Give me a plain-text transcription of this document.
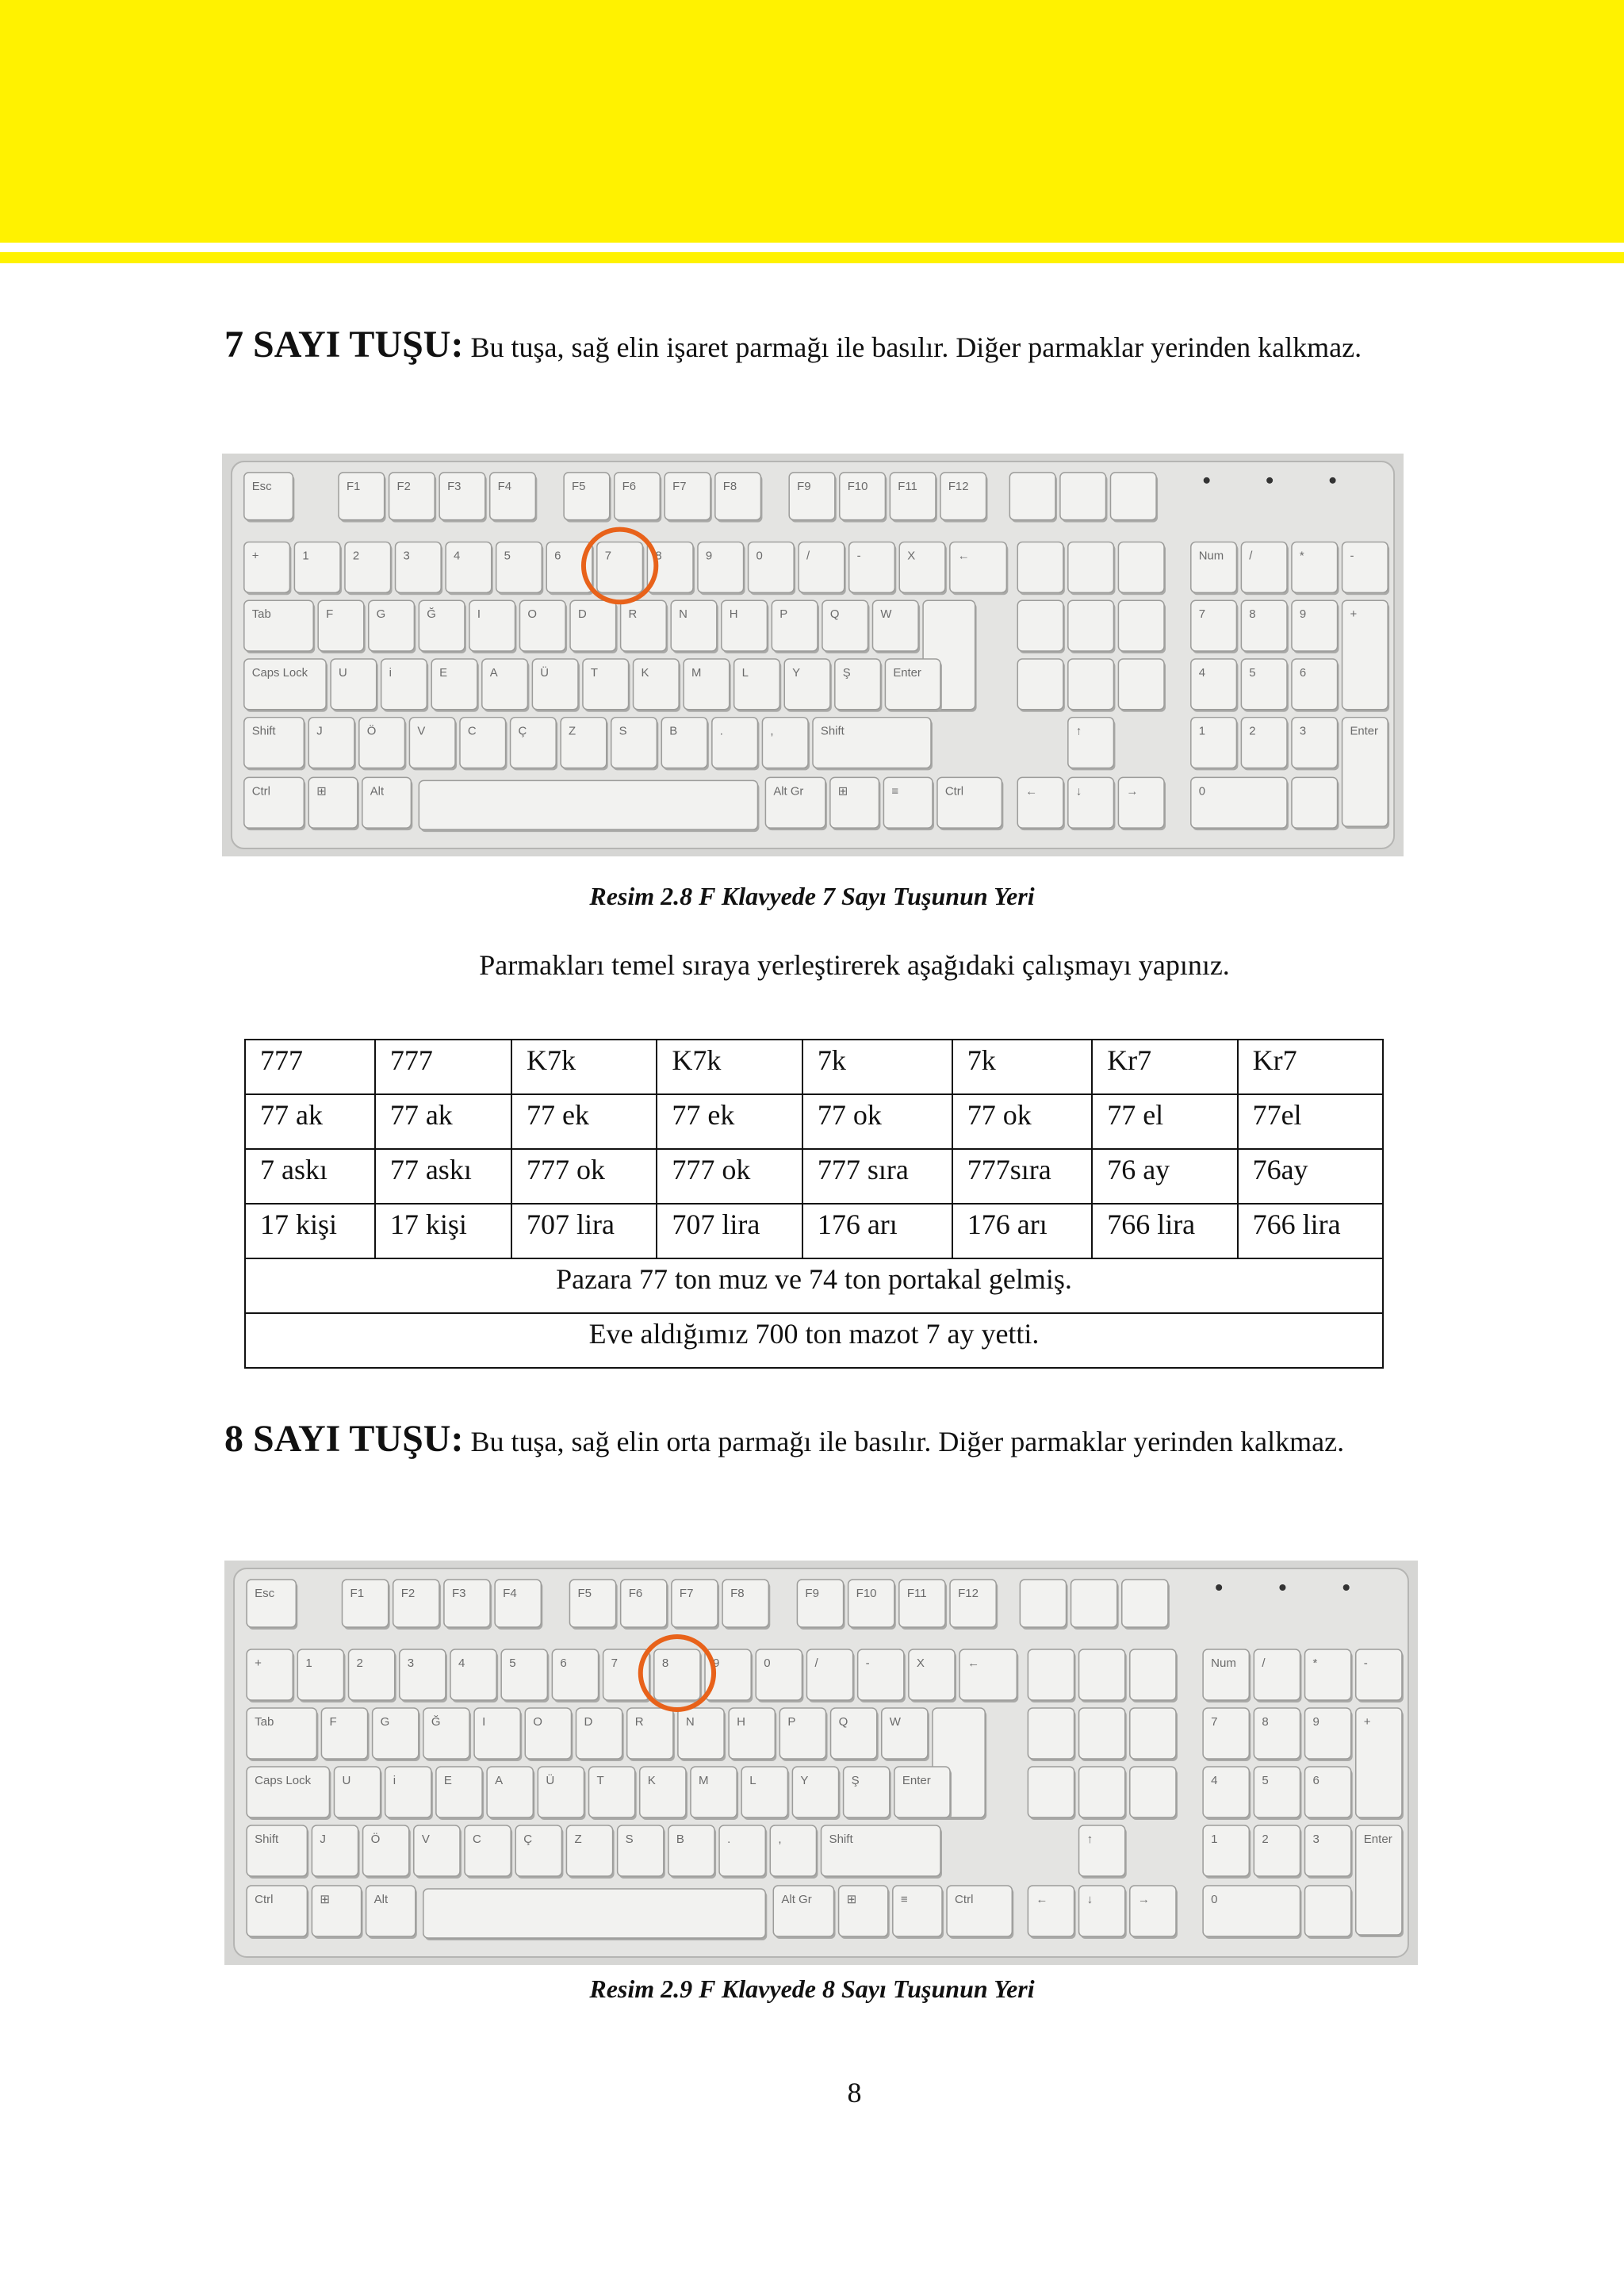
7 SAYI TUŞU: Bu tuşa, sağ elin işaret parmağı ile basılır. Diğer parmaklar yerinden kalkmaz.
Esc	F1	F2	F3	F4	F5	F6	F7	F8	F9	F10	F11	F12
+	1	2	3	4	5	6	7	8	9	0	/	-	X	←
Tab	F	G	Ğ	I	O	D	R	N	H	P	Q	W
Caps Lock	U	i	E	A	Ü	T	K	M	L	Y	Ş	Enter
Shift	J	Ö	V	C	Ç	Z	S	B	.	,	Shift
Ctrl	⊞	Alt	Alt Gr	⊞	≡	Ctrl
↑
←	↓	→
Num /	*	-
7	8	9	+
4	5	6
1	2	3	Enter
0
Resim 2.8 F Klavyede 7 Sayı Tuşunun Yeri
Parmakları temel sıraya yerleştirerek aşağıdaki çalışmayı yapınız.
777	777	K7k	K7k	7k	7k	Kr7	Kr7
77 ak	77 ak	77 ek	77 ek	77 ok	77 ok	77 el	77el
7 askı	77 askı	777 ok	777 ok	777 sıra	777sıra	76 ay	76ay
17 kişi	17 kişi	707 lira	707 lira	176 arı	176 arı	766 lira	766 lira
Pazara 77 ton muz ve 74 ton portakal gelmiş.							
Eve aldığımız 700 ton mazot 7 ay yetti.							
8 SAYI TUŞU: Bu tuşa, sağ elin orta parmağı ile basılır. Diğer parmaklar yerinden kalkmaz.
Esc	F1	F2	F3	F4	F5	F6	F7	F8	F9	F10	F11	F12
+	1	2	3	4	5	6	7	8	9	0	/	-	X	←
Tab	F	G	Ğ	I	O	D	R	N	H	P	Q	W
Caps Lock	U	i	E	A	Ü	T	K	M	L	Y	Ş	Enter
Shift	J	Ö	V	C	Ç	Z	S	B	.	,	Shift
Ctrl	⊞	Alt	Alt Gr	⊞	≡	Ctrl
↑
←	↓	→
Num /	*	-
7	8	9	+
4	5	6
1	2	3	Enter
0
Resim 2.9 F Klavyede 8 Sayı Tuşunun Yeri
8
